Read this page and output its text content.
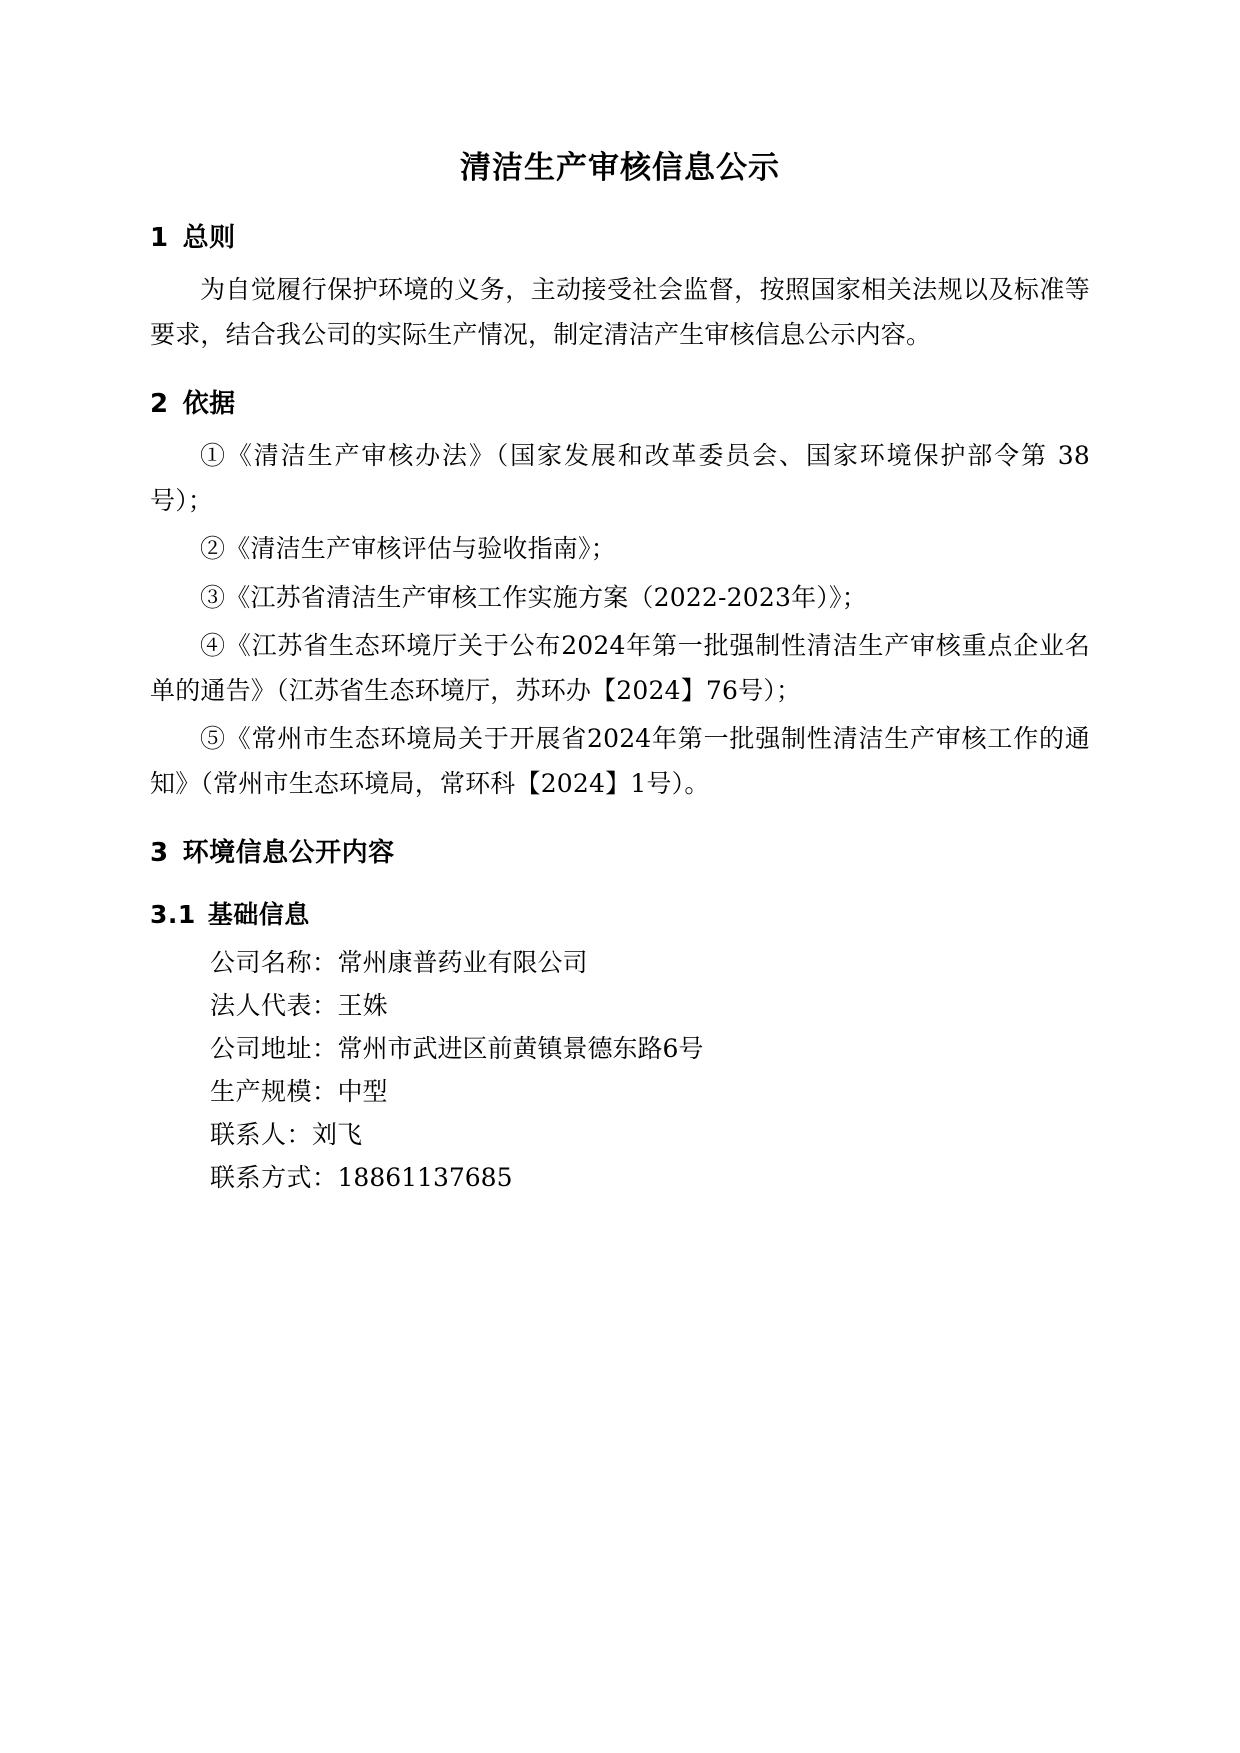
清洁生产审核信息公示
1 总则

为自觉履行保护环境的义务，主动接受社会监督，按照国家相关法规以及标准等要求，结合我公司的实际生产情况，制定清洁产生审核信息公示内容。

2 依据

①《清洁生产审核办法》（国家发展和改革委员会、国家环境保护部令第 38 号）；

②《清洁生产审核评估与验收指南》；

③《江苏省清洁生产审核工作实施方案（2022-2023年）》；

④《江苏省生态环境厅关于公布2024年第一批强制性清洁生产审核重点企业名单的通告》（江苏省生态环境厅，苏环办【2024】76号）；

⑤《常州市生态环境局关于开展省2024年第一批强制性清洁生产审核工作的通知》（常州市生态环境局，常环科【2024】1号）。

3 环境信息公开内容
3.1 基础信息
公司名称：常州康普药业有限公司
法人代表：王姝
公司地址：常州市武进区前黄镇景德东路6号
生产规模：中型
联系人：刘飞
联系方式：18861137685
